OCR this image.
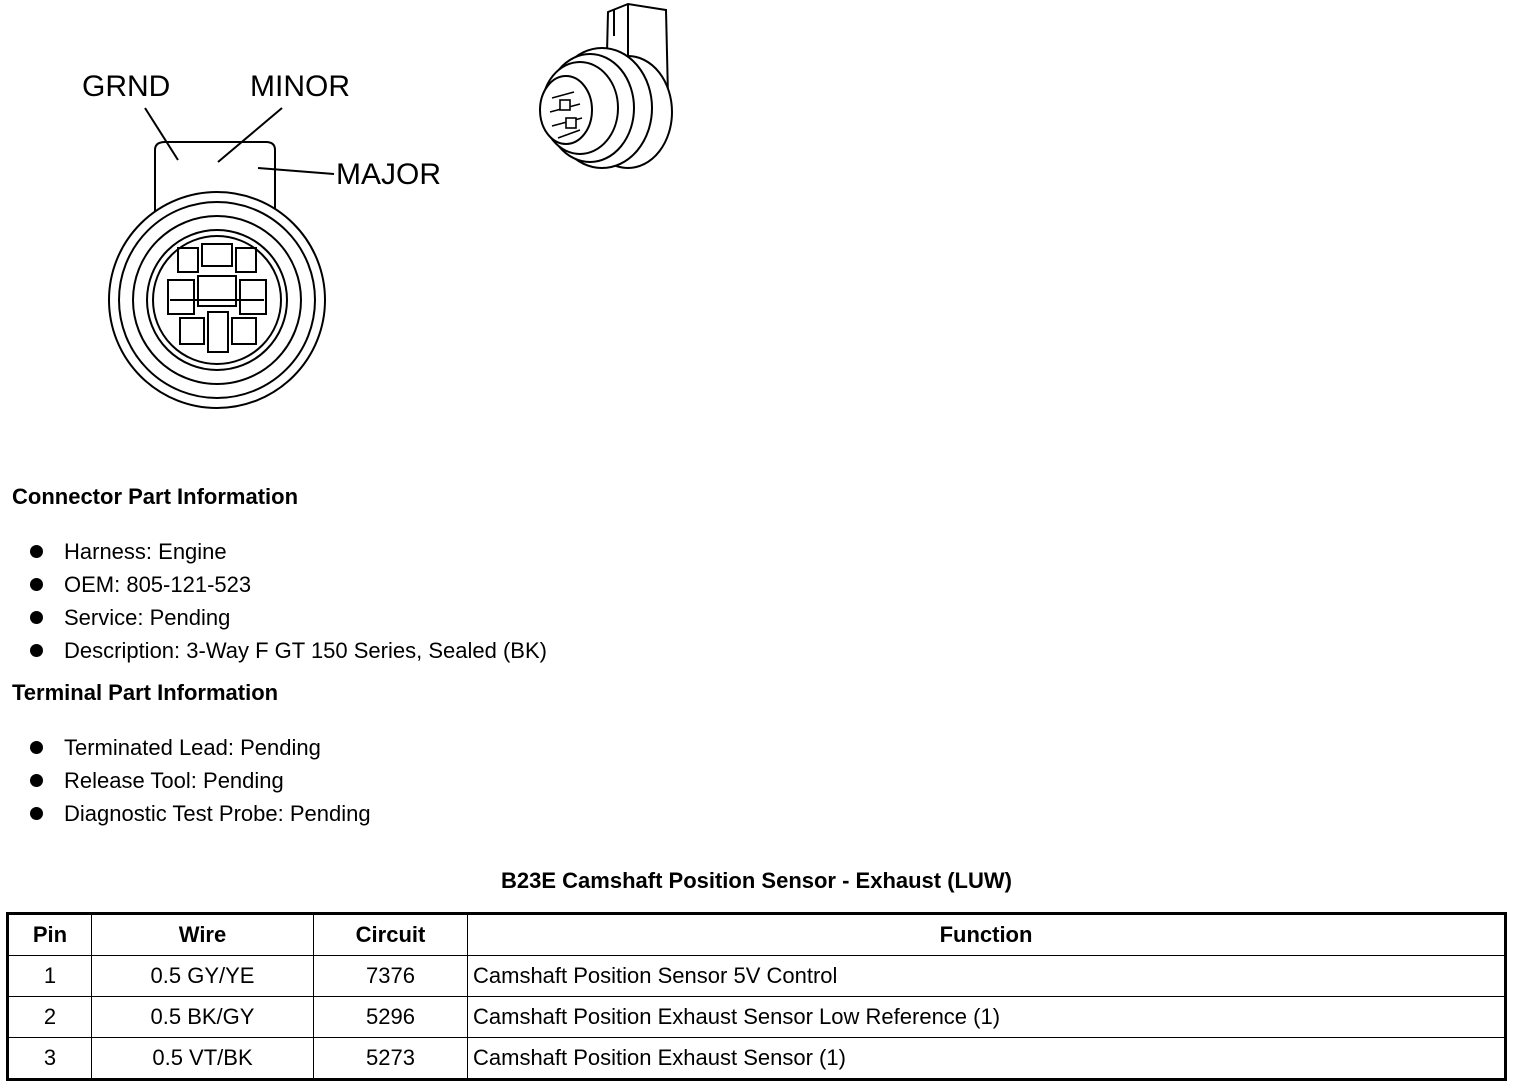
GRND	MINOR
MAJOR
Connector Part Information
Harness: Engine
OEM: 805-121-523
Service: Pending
Description: 3-Way F GT 150 Series, Sealed (BK)
Terminal Part Information
Terminated Lead: Pending
Release Tool: Pending
Diagnostic Test Probe: Pending
B23E Camshaft Position Sensor - Exhaust (LUW)
Pin	Wire	Circuit	Function
1	0.5 GY/YE	7376	Camshaft Position Sensor 5V Control
2	0.5 BK/GY	5296	Camshaft Position Exhaust Sensor Low Reference (1)
3	0.5 VT/BK	5273	Camshaft Position Exhaust Sensor (1)
